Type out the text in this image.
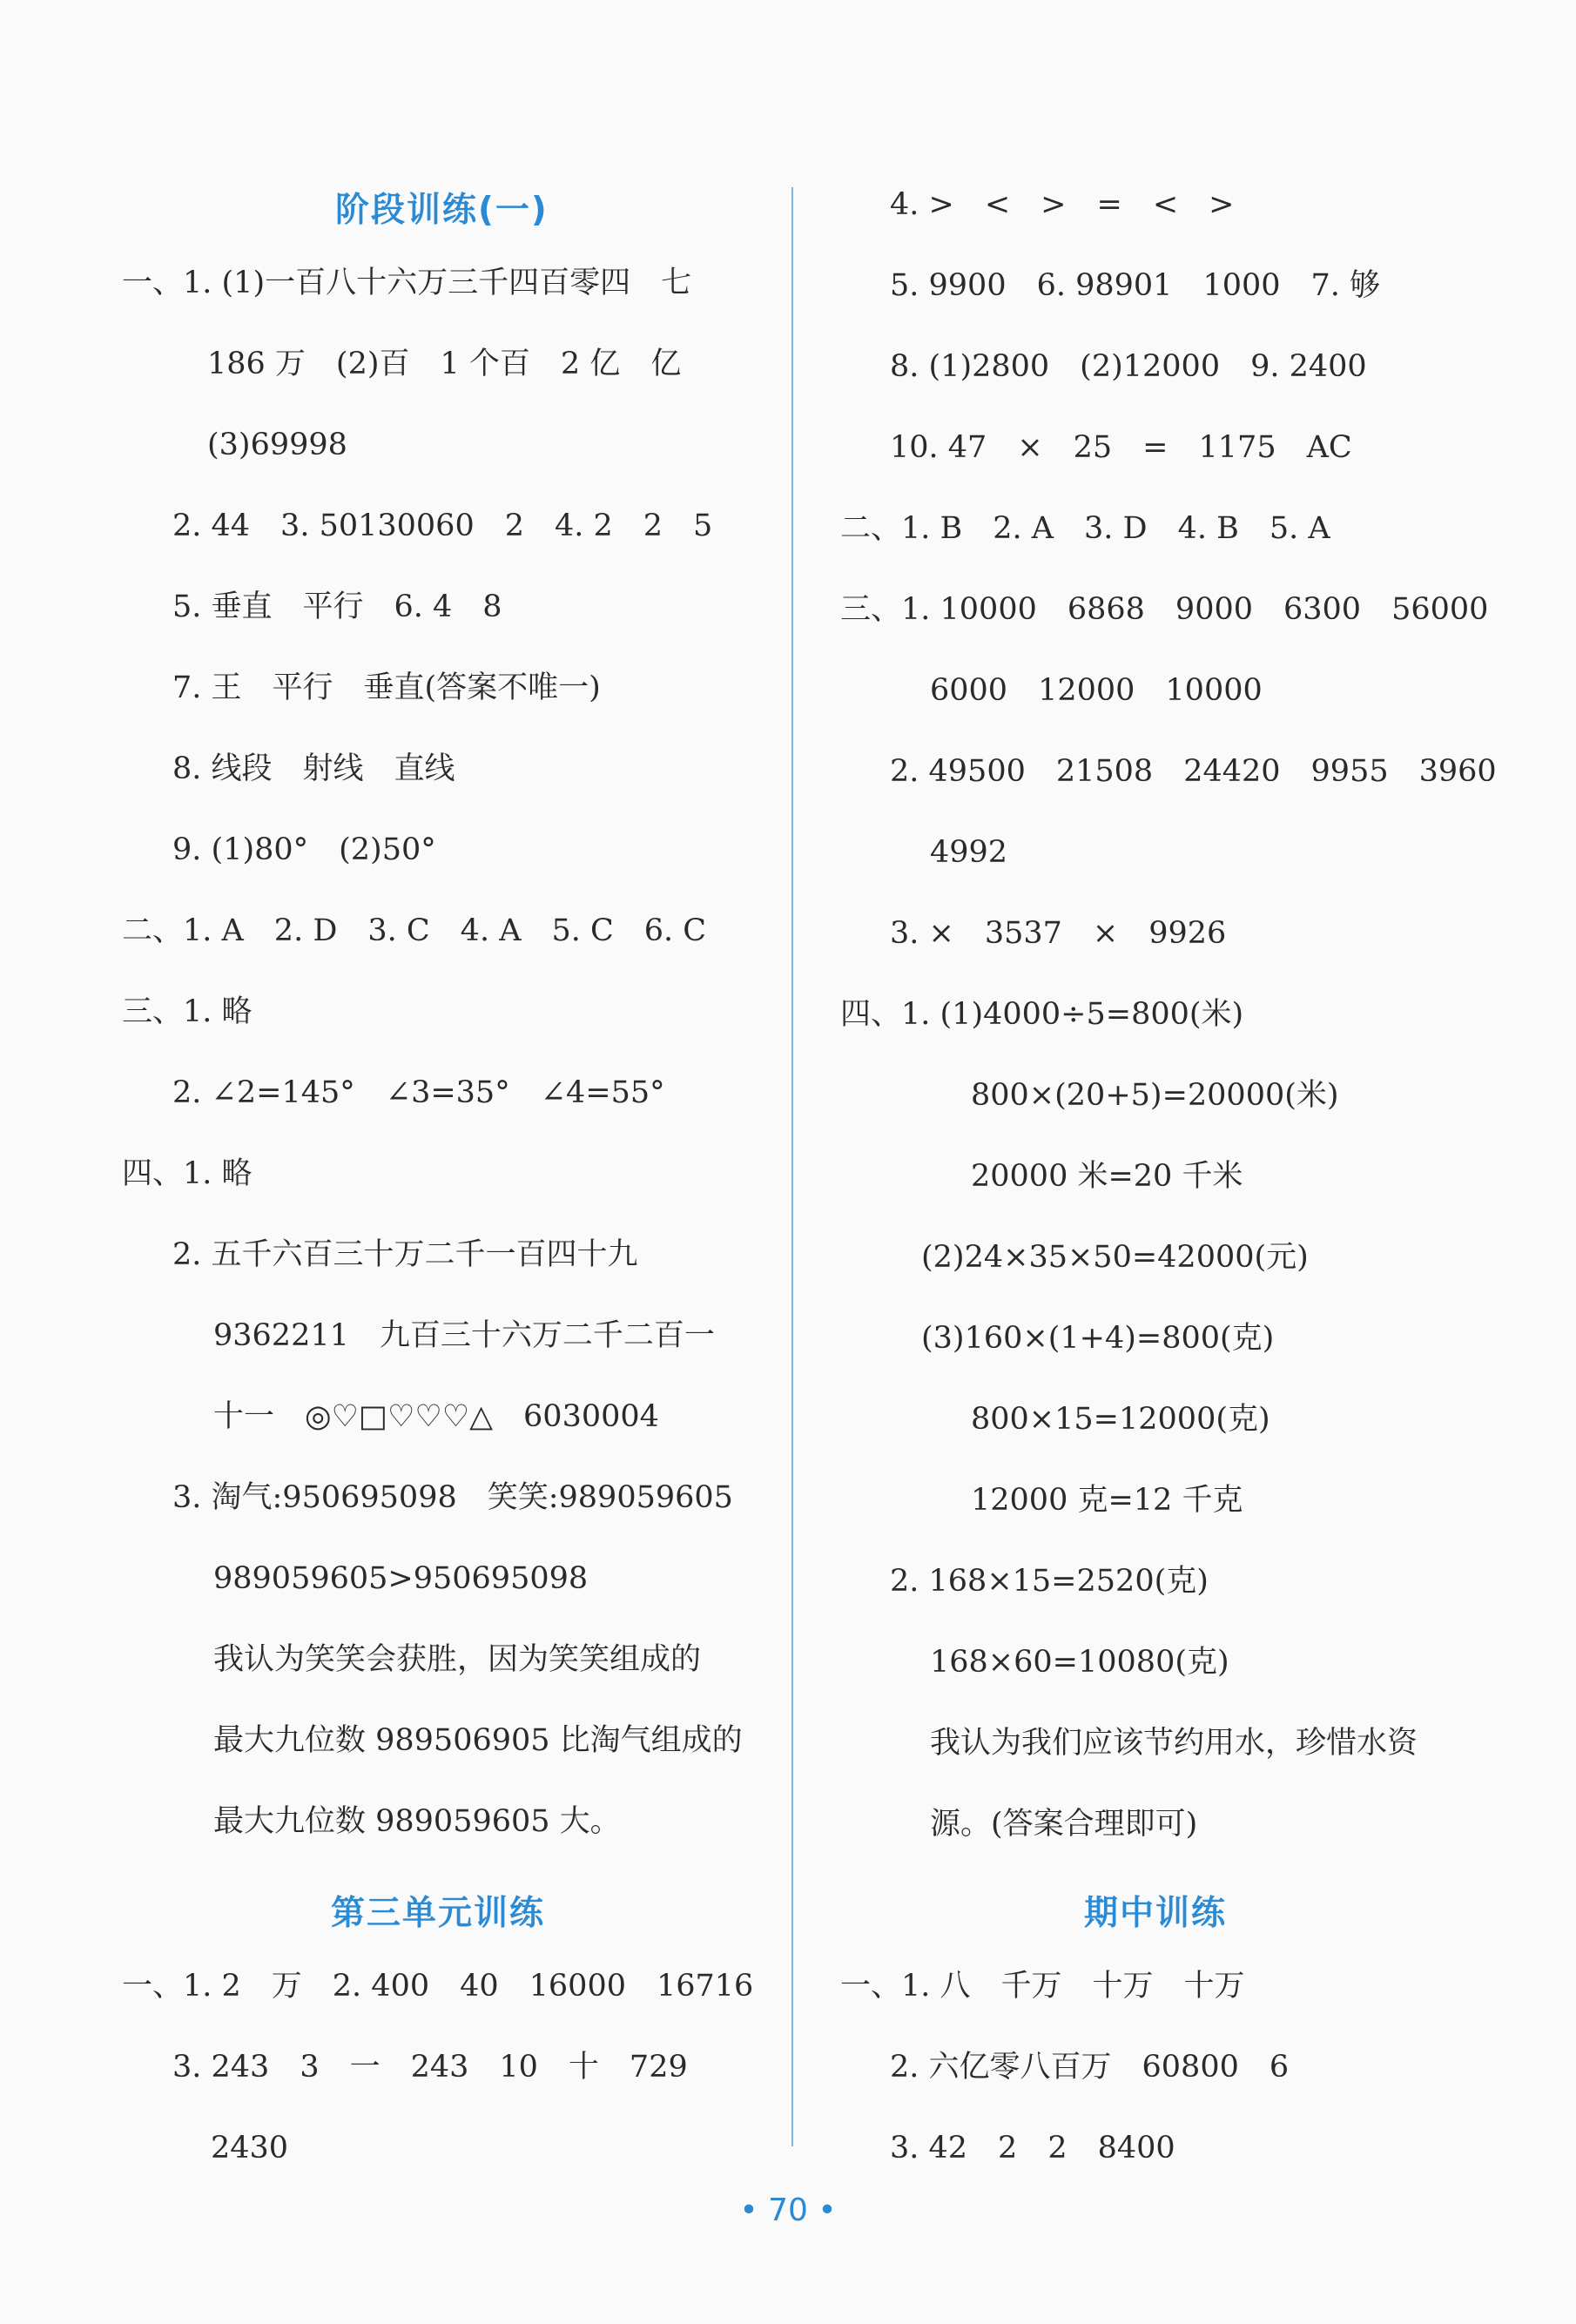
阶段训练(一)
一、1. (1)一百八十六万三千四百零四　七
186 万　(2)百　1 个百　2 亿　亿
(3)69998
2. 44　3. 50130060　2　4. 2　2　5
5. 垂直　平行　6. 4　8
7. 王　平行　垂直(答案不唯一)
8. 线段　射线　直线
9. (1)80°　(2)50°
二、1. A　2. D　3. C　4. A　5. C　6. C
三、1. 略
2. ∠2=145°　∠3=35°　∠4=55°
四、1. 略
2. 五千六百三十万二千一百四十九
9362211　九百三十六万二千二百一
十一　◎♡□♡♡♡△　6030004
3. 淘气:950695098　笑笑:989059605
989059605>950695098
我认为笑笑会获胜，因为笑笑组成的
最大九位数 989506905 比淘气组成的
最大九位数 989059605 大。
第三单元训练
一、1. 2　万　2. 400　40　16000　16716
3. 243　3　一　243　10　十　729
2430
4. >　<　>　=　<　>
5. 9900　6. 98901　1000　7. 够
8. (1)2800　(2)12000　9. 2400
10. 47　×　25　=　1175　AC
二、1. B　2. A　3. D　4. B　5. A
三、1. 10000　6868　9000　6300　56000
6000　12000　10000
2. 49500　21508　24420　9955　3960
4992
3. ×　3537　×　9926
四、1. (1)4000÷5=800(米)
800×(20+5)=20000(米)
20000 米=20 千米
(2)24×35×50=42000(元)
(3)160×(1+4)=800(克)
800×15=12000(克)
12000 克=12 千克
2. 168×15=2520(克)
168×60=10080(克)
我认为我们应该节约用水，珍惜水资
源。(答案合理即可)
期中训练
一、1. 八　千万　十万　十万
2. 六亿零八百万　60800　6
3. 42　2　2　8400
• 70 •
